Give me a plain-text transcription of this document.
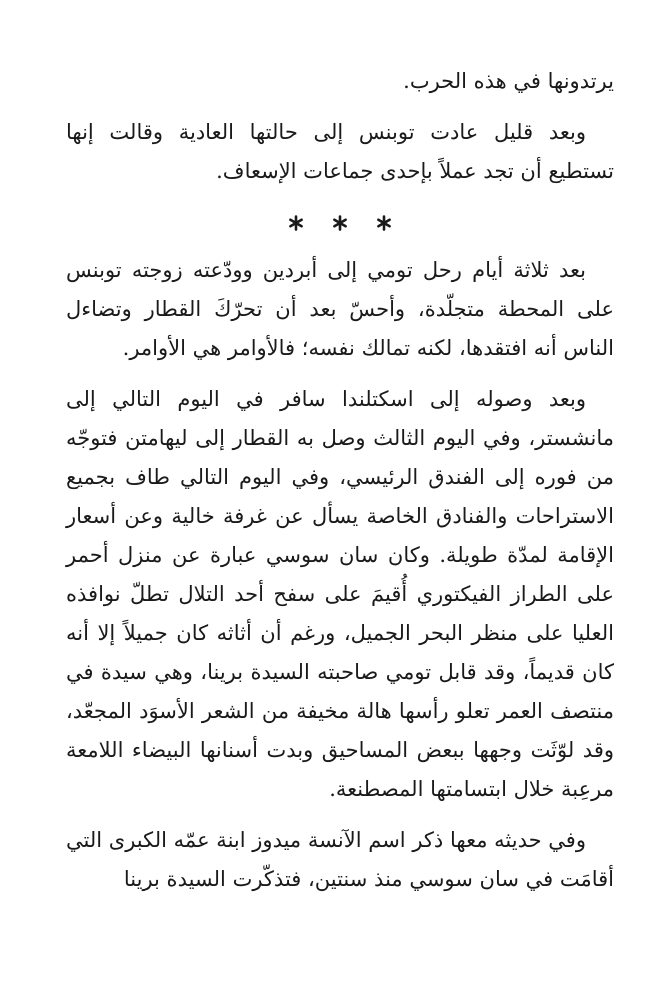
يرتدونها في هذه الحرب.

وبعد قليل عادت توبنس إلى حالتها العادية وقالت إنها تستطيع أن تجد عملاً بإحدى جماعات الإسعاف.

بعد ثلاثة أيام رحل تومي إلى أبردين وودّعته زوجته توبنس على المحطة متجلّدة، وأحسّ بعد أن تحرّكَ القطار وتضاءل الناس أنه افتقدها، لكنه تمالك نفسه؛ فالأوامر هي الأوامر.

وبعد وصوله إلى اسكتلندا سافر في اليوم التالي إلى مانشستر، وفي اليوم الثالث وصل به القطار إلى ليهامتن فتوجّه من فوره إلى الفندق الرئيسي، وفي اليوم التالي طاف بجميع الاستراحات والفنادق الخاصة يسأل عن غرفة خالية وعن أسعار الإقامة لمدّة طويلة. وكان سان سوسي عبارة عن منزل أحمر على الطراز الفيكتوري أُقيمَ على سفح أحد التلال تطلّ نوافذه العليا على منظر البحر الجميل، ورغم أن أثاثه كان جميلاً إلا أنه كان قديماً، وقد قابل تومي صاحبته السيدة برينا، وهي سيدة في منتصف العمر تعلو رأسها هالة مخيفة من الشعر الأسوَد المجعّد، وقد لوّثَت وجهها ببعض المساحيق وبدت أسنانها البيضاء اللامعة مرعِبة خلال ابتسامتها المصطنعة.

وفي حديثه معها ذكر اسم الآنسة ميدوز ابنة عمّه الكبرى التي أقامَت في سان سوسي منذ سنتين، فتذكّرت السيدة برينا
